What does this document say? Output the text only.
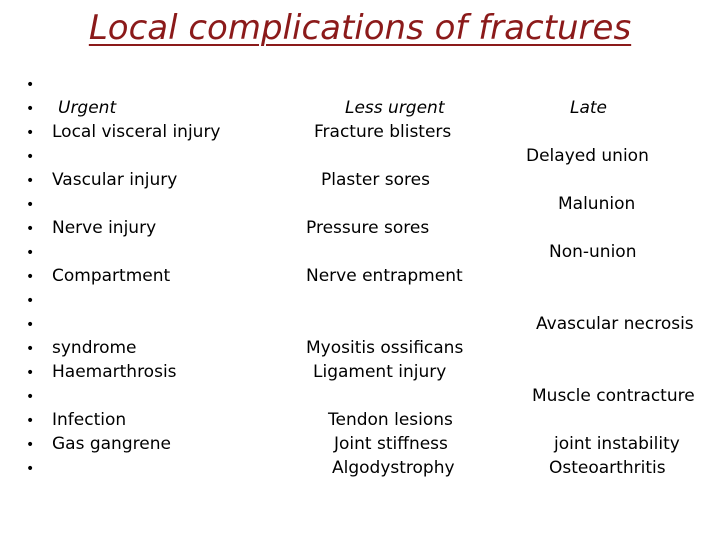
Local complications of fractures
•
•
•
•
•
•
•
•
•
•
•
•
•
•
•
•
•
Urgent
Local visceral injury
Vascular injury
Nerve injury
Compartment
syndrome
Haemarthrosis
Infection
Gas gangrene
Less urgent
Fracture blisters
Plaster sores
Pressure sores
Nerve entrapment
Myositis ossificans
Ligament injury
Tendon lesions
Joint stiffness
Algodystrophy
Late
Delayed union
Malunion
Non-union
Avascular necrosis
Muscle contracture
joint instability
Osteoarthritis
